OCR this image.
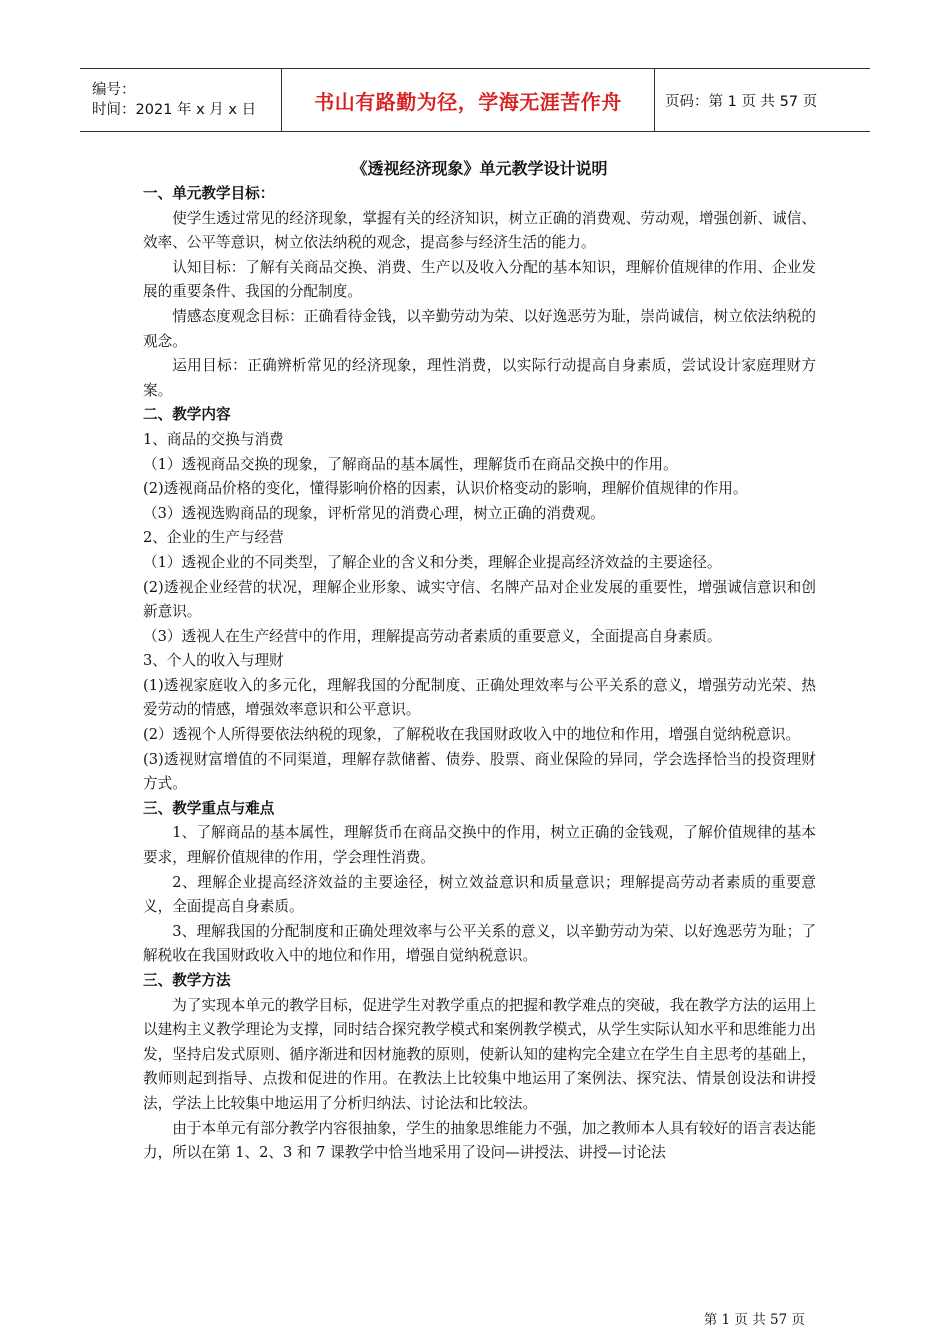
编号：
时间：2021 年 x 月 x 日	书山有路勤为径，学海无涯苦作舟	页码：第 1 页 共 57 页

《透视经济现象》单元教学设计说明

一、单元教学目标：

使学生透过常见的经济现象，掌握有关的经济知识，树立正确的消费观、劳动观，增强创新、诚信、效率、公平等意识，树立依法纳税的观念，提高参与经济生活的能力。

认知目标：了解有关商品交换、消费、生产以及收入分配的基本知识，理解价值规律的作用、企业发展的重要条件、我国的分配制度。

情感态度观念目标：正确看待金钱，以辛勤劳动为荣、以好逸恶劳为耻，崇尚诚信，树立依法纳税的观念。

运用目标：正确辨析常见的经济现象，理性消费，以实际行动提高自身素质，尝试设计家庭理财方案。

二、教学内容

1、商品的交换与消费

（1）透视商品交换的现象，了解商品的基本属性，理解货币在商品交换中的作用。

(2)透视商品价格的变化，懂得影响价格的因素，认识价格变动的影响，理解价值规律的作用。

（3）透视选购商品的现象，评析常见的消费心理，树立正确的消费观。

2、企业的生产与经营

（1）透视企业的不同类型，了解企业的含义和分类，理解企业提高经济效益的主要途径。

(2)透视企业经营的状况，理解企业形象、诚实守信、名牌产品对企业发展的重要性，增强诚信意识和创新意识。

（3）透视人在生产经营中的作用，理解提高劳动者素质的重要意义，全面提高自身素质。

3、个人的收入与理财

(1)透视家庭收入的多元化，理解我国的分配制度、正确处理效率与公平关系的意义，增强劳动光荣、热爱劳动的情感，增强效率意识和公平意识。

(2）透视个人所得要依法纳税的现象，了解税收在我国财政收入中的地位和作用，增强自觉纳税意识。

(3)透视财富增值的不同渠道，理解存款储蓄、债券、股票、商业保险的异同，学会选择恰当的投资理财方式。

三、教学重点与难点

1、了解商品的基本属性，理解货币在商品交换中的作用，树立正确的金钱观，了解价值规律的基本要求，理解价值规律的作用，学会理性消费。

2、理解企业提高经济效益的主要途径，树立效益意识和质量意识；理解提高劳动者素质的重要意义，全面提高自身素质。

3、理解我国的分配制度和正确处理效率与公平关系的意义，以辛勤劳动为荣、以好逸恶劳为耻；了解税收在我国财政收入中的地位和作用，增强自觉纳税意识。

三、教学方法

为了实现本单元的教学目标，促进学生对教学重点的把握和教学难点的突破，我在教学方法的运用上以建构主义教学理论为支撑，同时结合探究教学模式和案例教学模式，从学生实际认知水平和思维能力出发，坚持启发式原则、循序渐进和因材施教的原则，使新认知的建构完全建立在学生自主思考的基础上，教师则起到指导、点拨和促进的作用。在教法上比较集中地运用了案例法、探究法、情景创设法和讲授法，学法上比较集中地运用了分析归纳法、讨论法和比较法。

由于本单元有部分教学内容很抽象，学生的抽象思维能力不强，加之教师本人具有较好的语言表达能力，所以在第 1、2、3 和 7 课教学中恰当地采用了设问—讲授法、讲授—讨论法

第 1 页 共 57 页
